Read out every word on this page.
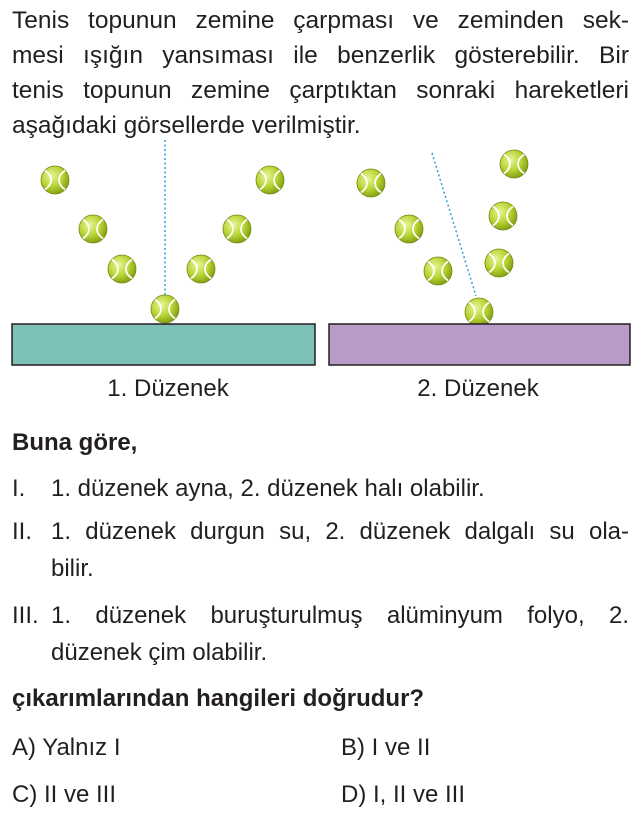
Tenis topunun zemine çarpması ve zeminden sek-
mesi ışığın yansıması ile benzerlik gösterebilir. Bir
tenis topunun zemine çarptıktan sonraki hareketleri
aşağıdaki görsellerde verilmiştir.
1. Düzenek	2. Düzenek
Buna göre,
I. 1. düzenek ayna, 2. düzenek halı olabilir.
II. 1. düzenek durgun su, 2. düzenek dalgalı su ola-
bilir.
III. 1. düzenek buruşturulmuş alüminyum folyo, 2.
düzenek çim olabilir.
çıkarımlarından hangileri doğrudur?
A) Yalnız I	B) I ve II
C) II ve III	D) I, II ve III
